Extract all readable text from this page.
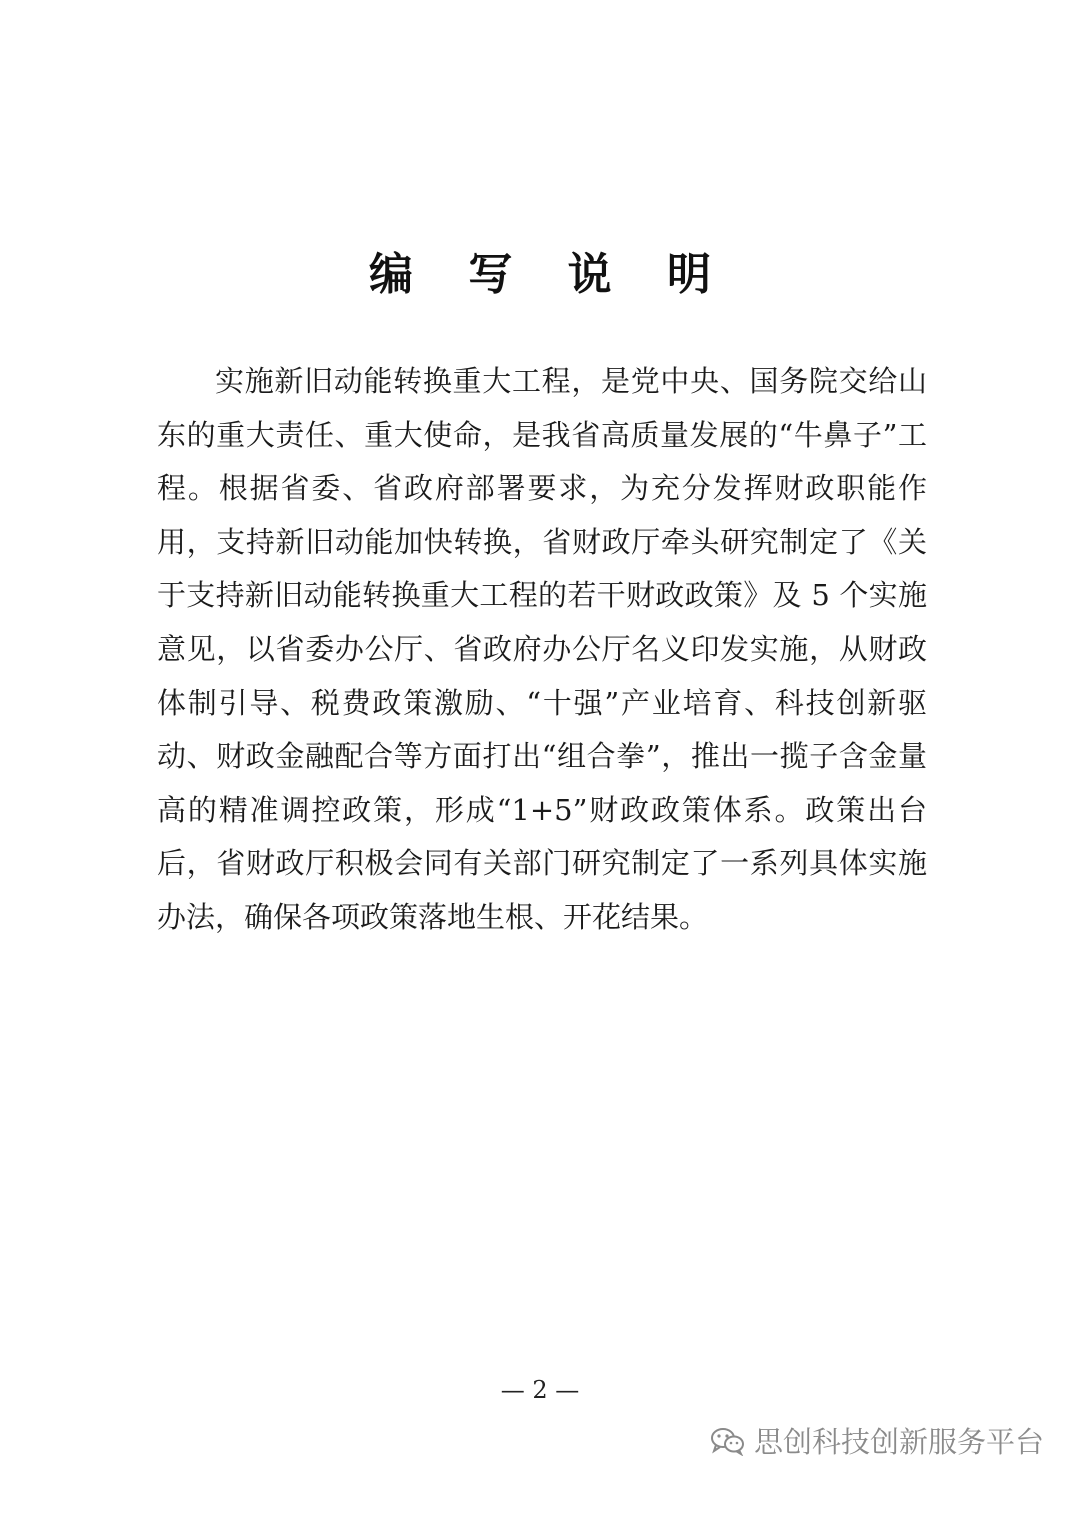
编 写 说 明

实施新旧动能转换重大工程，是党中央、国务院交给山东的重大责任、重大使命，是我省高质量发展的“牛鼻子”工程。根据省委、省政府部署要求，为充分发挥财政职能作用，支持新旧动能加快转换，省财政厅牵头研究制定了《关于支持新旧动能转换重大工程的若干财政政策》及 5 个实施意见，以省委办公厅、省政府办公厅名义印发实施，从财政体制引导、税费政策激励、“十强”产业培育、科技创新驱动、财政金融配合等方面打出“组合拳”，推出一揽子含金量高的精准调控政策，形成“1+5”财政政策体系。政策出台后，省财政厅积极会同有关部门研究制定了一系列具体实施办法，确保各项政策落地生根、开花结果。

— 2 —
思创科技创新服务平台
